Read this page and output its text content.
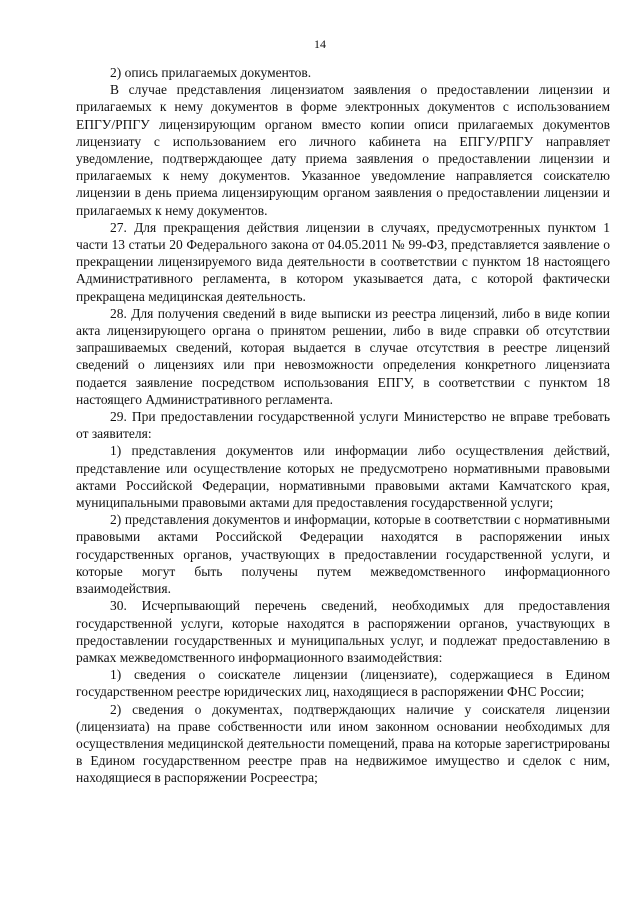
14

2) опись прилагаемых документов.

В случае представления лицензиатом заявления о предоставлении лицензии и прилагаемых к нему документов в форме электронных документов с использованием ЕПГУ/РПГУ лицензирующим органом вместо копии описи прилагаемых документов лицензиату с использованием его личного кабинета на ЕПГУ/РПГУ направляет уведомление, подтверждающее дату приема заявления о предоставлении лицензии и прилагаемых к нему документов. Указанное уведомление направляется соискателю лицензии в день приема лицензирующим органом заявления о предоставлении лицензии и прилагаемых к нему документов.

27. Для прекращения действия лицензии в случаях, предусмотренных пунктом 1 части 13 статьи 20 Федерального закона от 04.05.2011 № 99-ФЗ, представляется заявление о прекращении лицензируемого вида деятельности в соответствии с пунктом 18 настоящего Административного регламента, в котором указывается дата, с которой фактически прекращена медицинская деятельность.

28. Для получения сведений в виде выписки из реестра лицензий, либо в виде копии акта лицензирующего органа о принятом решении, либо в виде справки об отсутствии запрашиваемых сведений, которая выдается в случае отсутствия в реестре лицензий сведений о лицензиях или при невозможности определения конкретного лицензиата подается заявление посредством использования ЕПГУ, в соответствии с пунктом 18 настоящего Административного регламента.

29. При предоставлении государственной услуги Министерство не вправе требовать от заявителя:

1) представления документов или информации либо осуществления действий, представление или осуществление которых не предусмотрено нормативными правовыми актами Российской Федерации, нормативными правовыми актами Камчатского края, муниципальными правовыми актами для предоставления государственной услуги;

2) представления документов и информации, которые в соответствии с нормативными правовыми актами Российской Федерации находятся в распоряжении иных государственных органов, участвующих в предоставлении государственной услуги, и которые могут быть получены путем межведомственного информационного взаимодействия.

30. Исчерпывающий перечень сведений, необходимых для предоставления государственной услуги, которые находятся в распоряжении органов, участвующих в предоставлении государственных и муниципальных услуг, и подлежат предоставлению в рамках межведомственного информационного взаимодействия:

1) сведения о соискателе лицензии (лицензиате), содержащиеся в Едином государственном реестре юридических лиц, находящиеся в распоряжении ФНС России;

2) сведения о документах, подтверждающих наличие у соискателя лицензии (лицензиата) на праве собственности или ином законном основании необходимых для осуществления медицинской деятельности помещений, права на которые зарегистрированы в Едином государственном реестре прав на недвижимое имущество и сделок с ним, находящиеся в распоряжении Росреестра;
